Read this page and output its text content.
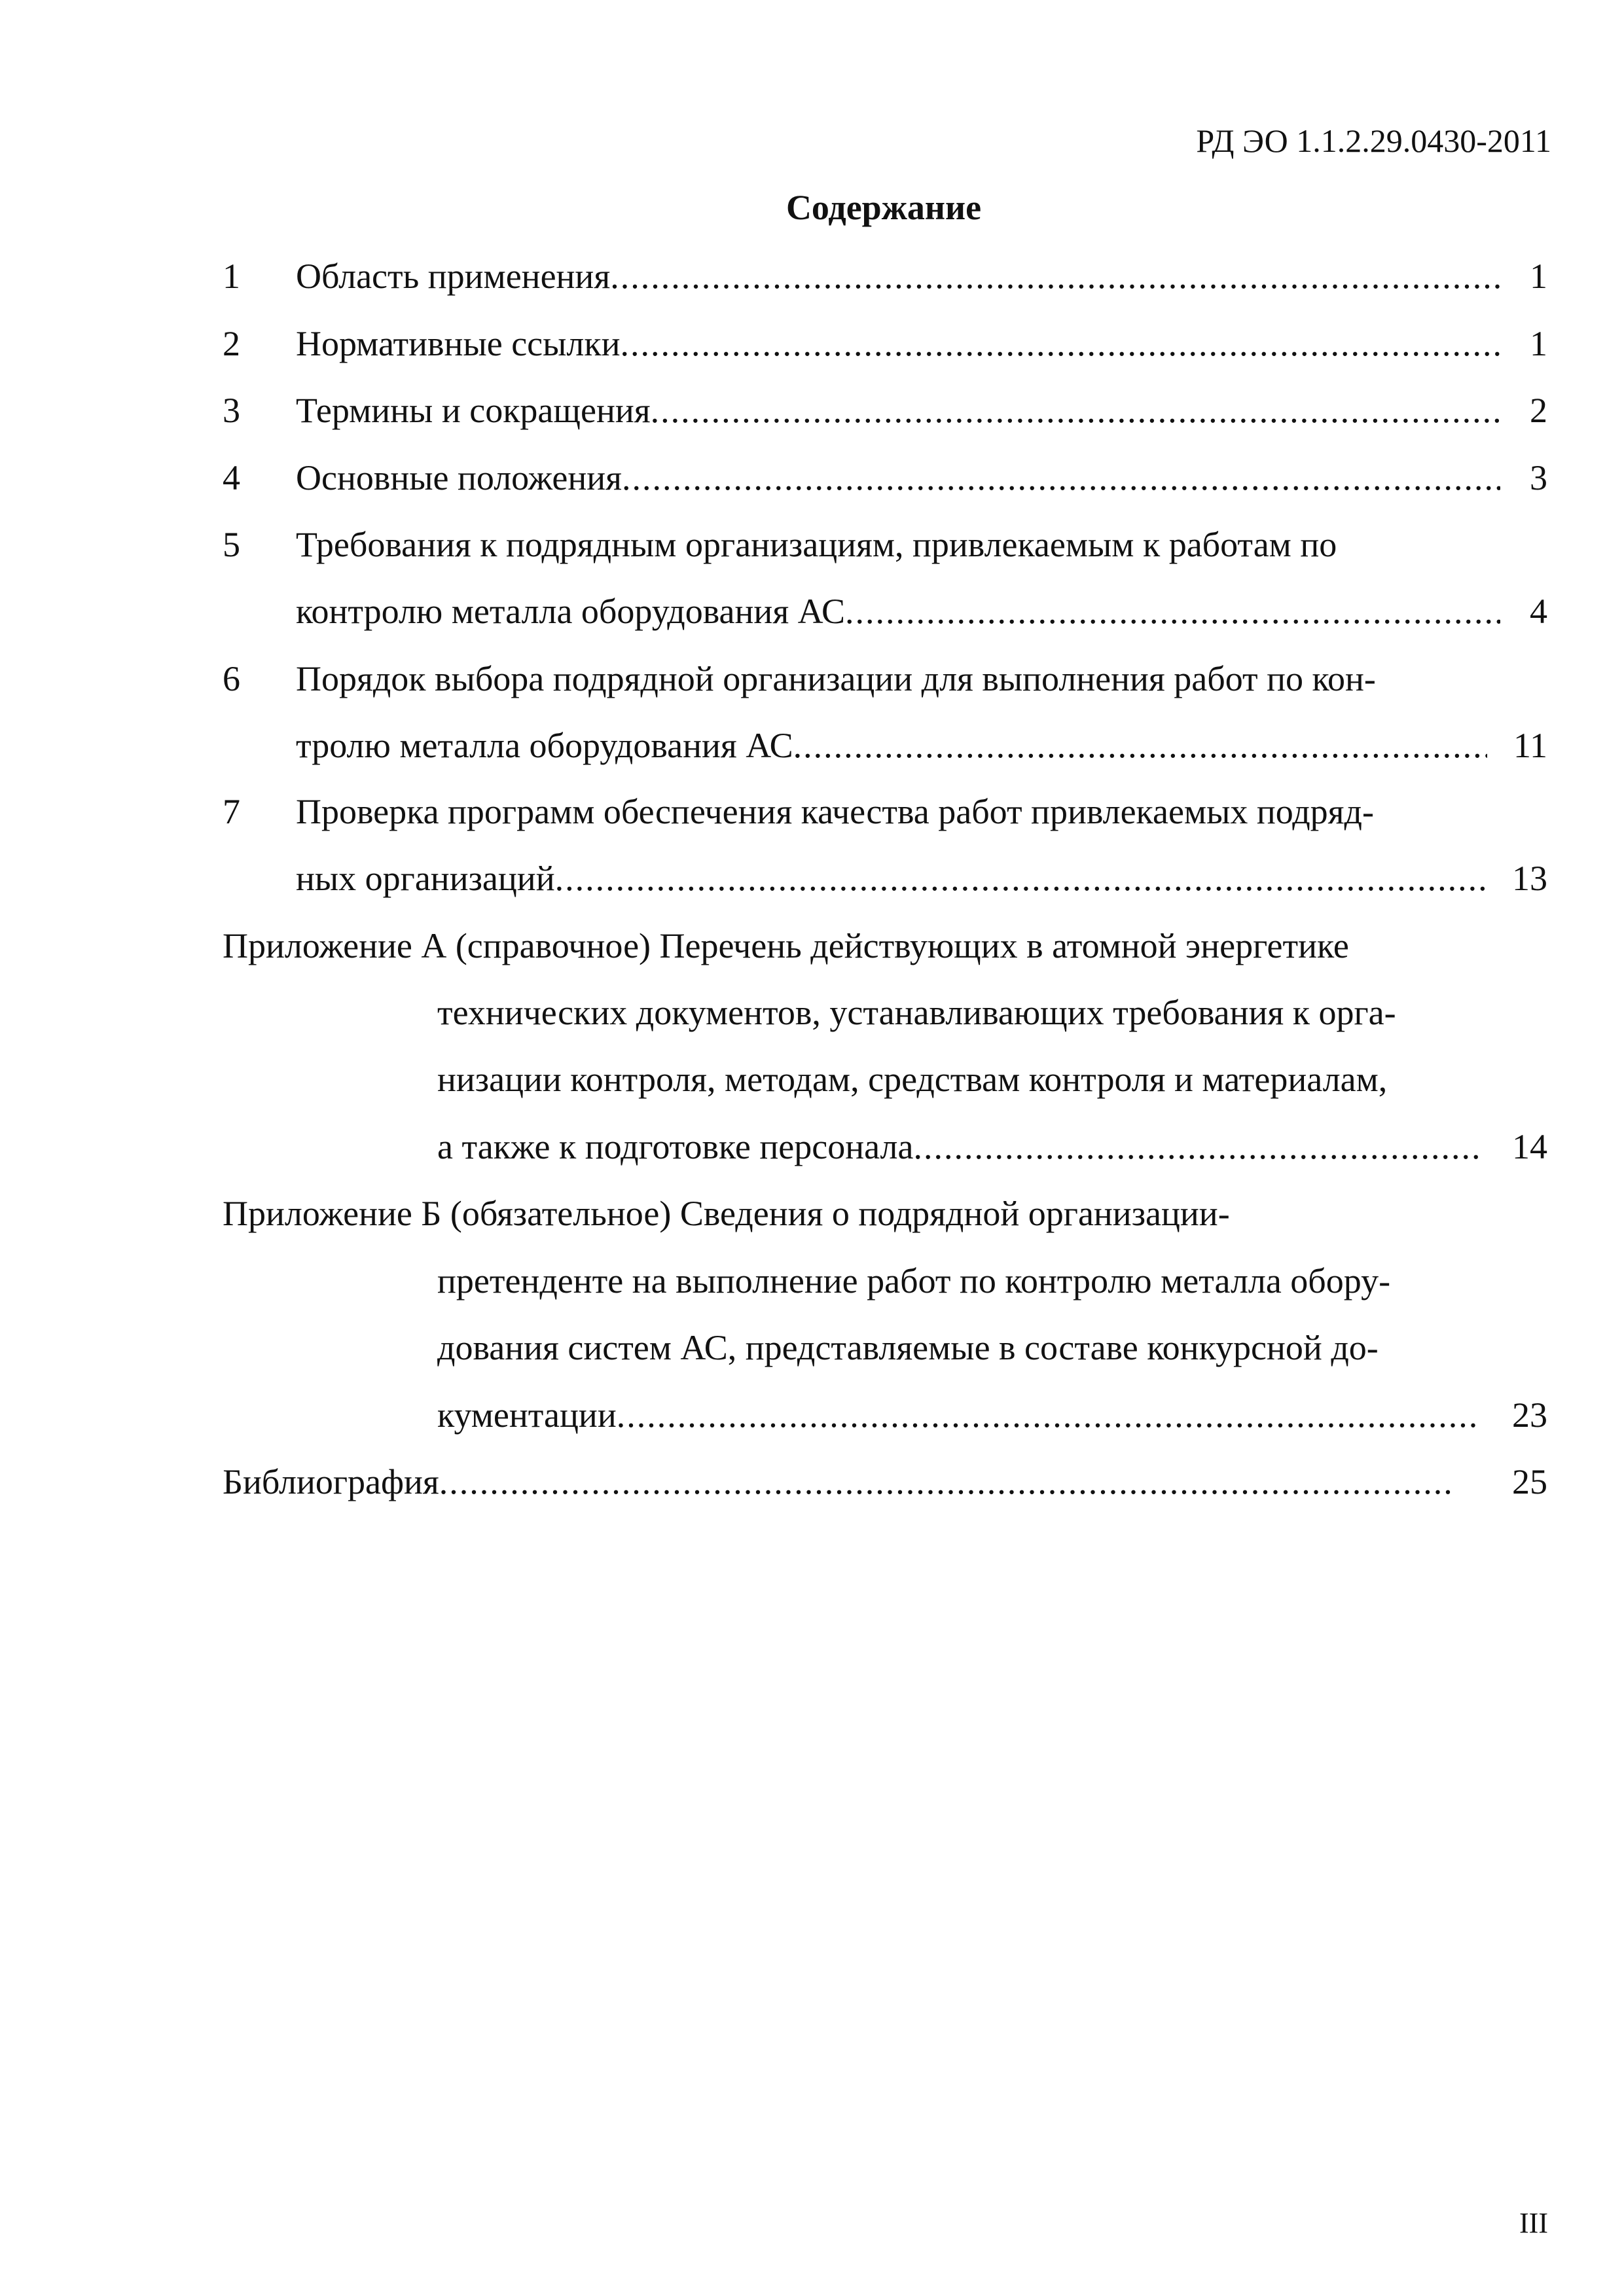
РД ЭО 1.1.2.29.0430-2011
Содержание
1 Область применения .....	1
2 Нормативные ссылки .....	1
3 Термины и сокращения .....	2
4 Основные положения .....	3
5 Требования к подрядным организациям, привлекаемым к работам по
контролю металла оборудования АС .....	4
6 Порядок выбора подрядной организации для выполнения работ по кон-
тролю металла оборудования АС .....	11
7 Проверка программ обеспечения качества работ привлекаемых подряд-
ных организаций .....	13
Приложение А (справочное) Перечень действующих в атомной энергетике
технических документов, устанавливающих требования к орга-
низации контроля, методам, средствам контроля и материалам,
а также к подготовке персонала .....	14
Приложение Б (обязательное) Сведения о подрядной организации-
претенденте на выполнение работ по контролю металла обору-
дования систем АС, представляемые в составе конкурсной до-
кументации .....	23
Библиография .....	25
III
